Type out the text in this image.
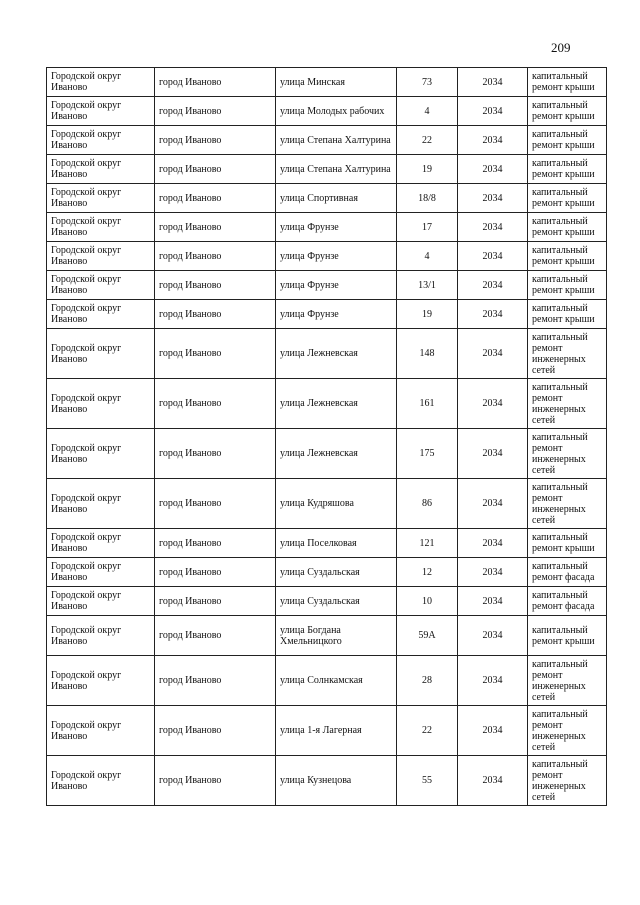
209
Городской округ Иваново	город Иваново	улица Минская	73	2034	капитальный ремонт крыши
Городской округ Иваново	город Иваново	улица Молодых рабочих	4	2034	капитальный ремонт крыши
Городской округ Иваново	город Иваново	улица Степана Халтурина	22	2034	капитальный ремонт крыши
Городской округ Иваново	город Иваново	улица Степана Халтурина	19	2034	капитальный ремонт крыши
Городской округ Иваново	город Иваново	улица Спортивная	18/8	2034	капитальный ремонт крыши
Городской округ Иваново	город Иваново	улица Фрунзе	17	2034	капитальный ремонт крыши
Городской округ Иваново	город Иваново	улица Фрунзе	4	2034	капитальный ремонт крыши
Городской округ Иваново	город Иваново	улица Фрунзе	13/1	2034	капитальный ремонт крыши
Городской округ Иваново	город Иваново	улица Фрунзе	19	2034	капитальный ремонт крыши
Городской округ Иваново	город Иваново	улица Лежневская	148	2034	капитальный ремонт инженерных сетей
Городской округ Иваново	город Иваново	улица Лежневская	161	2034	капитальный ремонт инженерных сетей
Городской округ Иваново	город Иваново	улица Лежневская	175	2034	капитальный ремонт инженерных сетей
Городской округ Иваново	город Иваново	улица Кудряшова	86	2034	капитальный ремонт инженерных сетей
Городской округ Иваново	город Иваново	улица Поселковая	121	2034	капитальный ремонт крыши
Городской округ Иваново	город Иваново	улица Суздальская	12	2034	капитальный ремонт фасада
Городской округ Иваново	город Иваново	улица Суздальская	10	2034	капитальный ремонт фасада
Городской округ Иваново	город Иваново	улица Богдана Хмельницкого	59А	2034	капитальный ремонт крыши
Городской округ Иваново	город Иваново	улица Солнкамская	28	2034	капитальный ремонт инженерных сетей
Городской округ Иваново	город Иваново	улица 1-я Лагерная	22	2034	капитальный ремонт инженерных сетей
Городской округ Иваново	город Иваново	улица Кузнецова	55	2034	капитальный ремонт инженерных сетей
